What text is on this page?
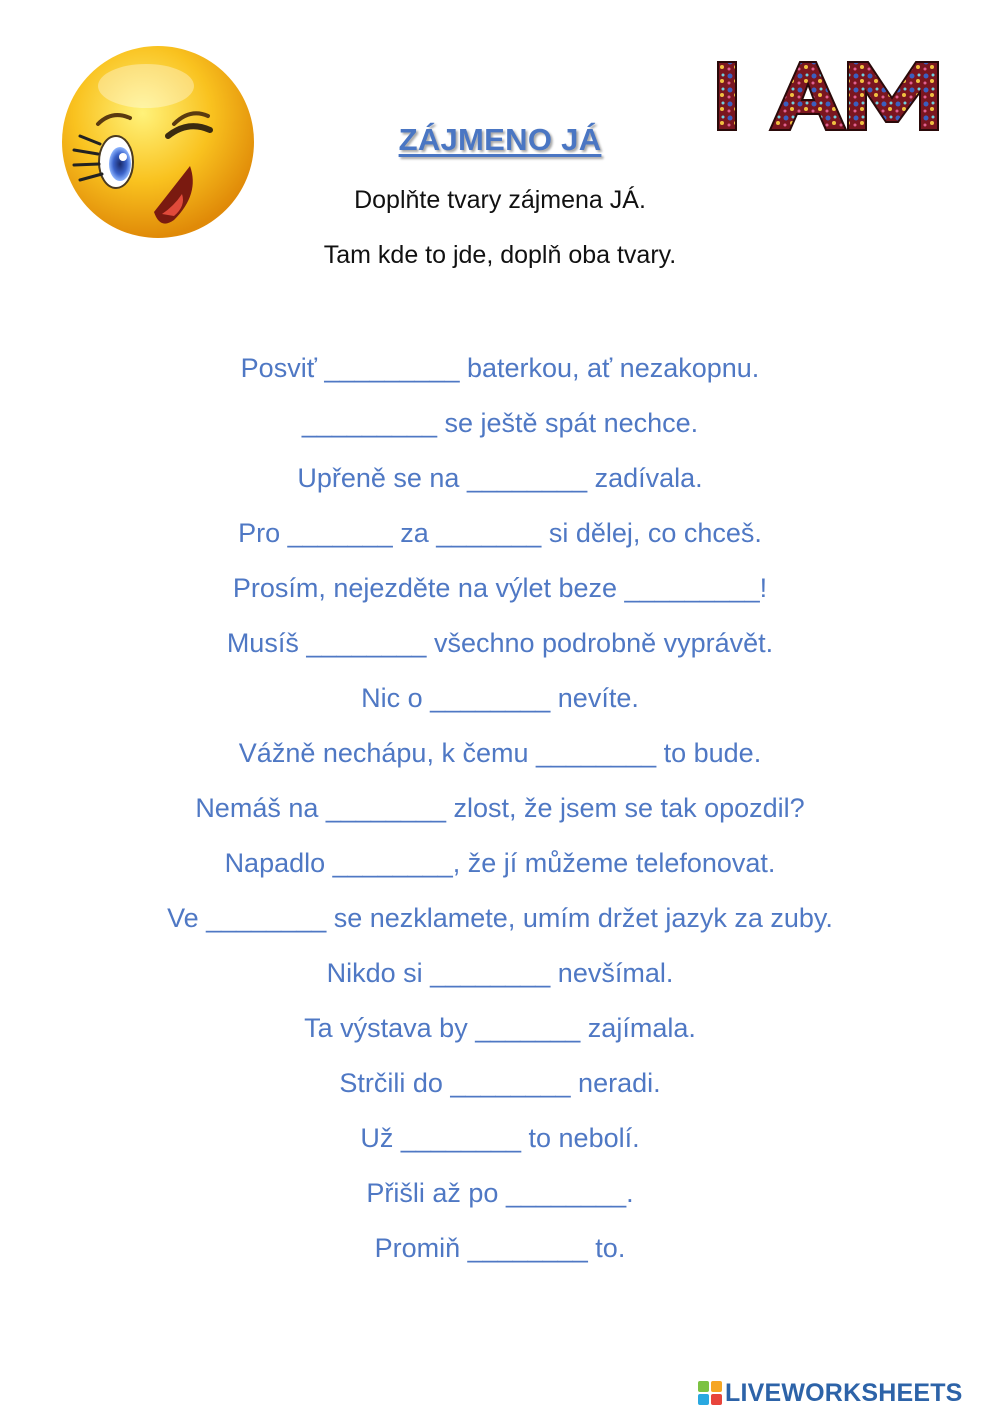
ZÁJMENO JÁ
Doplňte tvary zájmena JÁ.
Tam kde to jde, doplň oba tvary.
Posviť _________ baterkou, ať nezakopnu.
_________ se ještě spát nechce.
Upřeně se na ________ zadívala.
Pro _______ za _______ si dělej, co chceš.
Prosím, nejezděte na výlet beze _________!
Musíš ________ všechno podrobně vyprávět.
Nic o ________ nevíte.
Vážně nechápu, k čemu ________ to bude.
Nemáš na ________ zlost, že jsem se tak opozdil?
Napadlo ________, že jí můžeme telefonovat.
Ve ________ se nezklamete, umím držet jazyk za zuby.
Nikdo si ________ nevšímal.
Ta výstava by _______ zajímala.
Strčili do ________ neradi.
Už ________ to nebolí.
Přišli až po ________.
Promiň ________ to.
LIVEWORKSHEETS
